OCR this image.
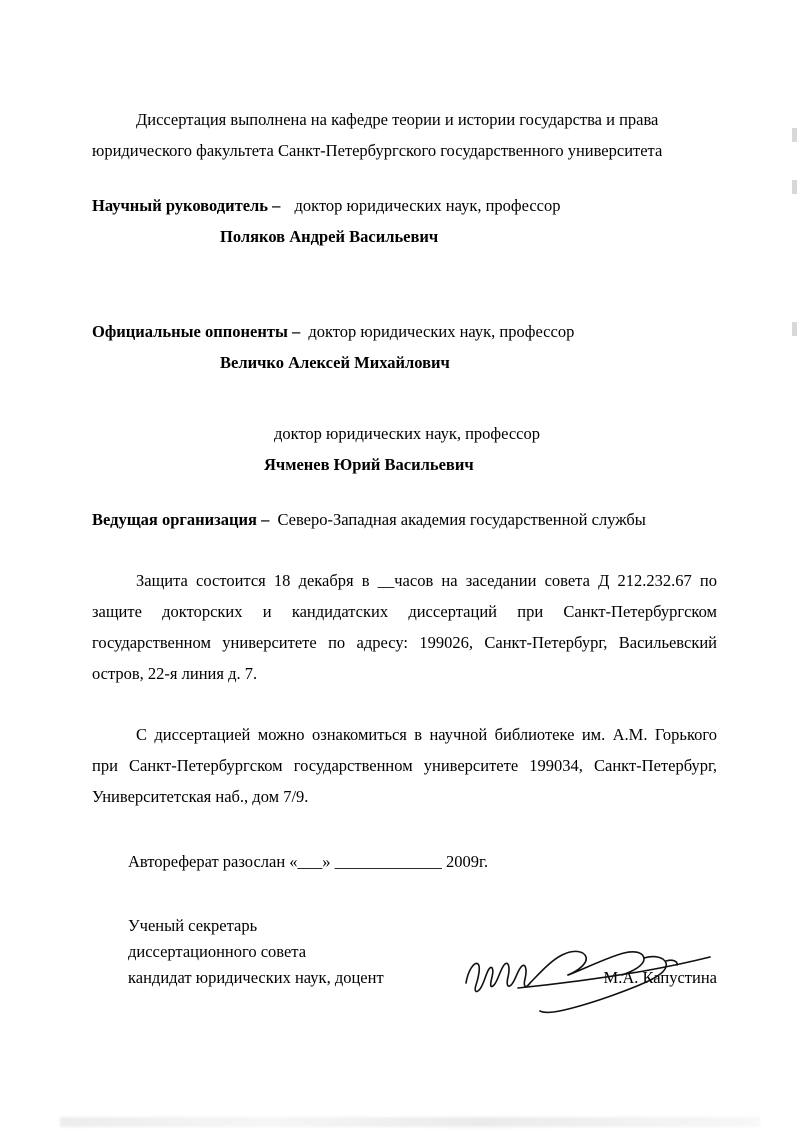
Диссертация выполнена на кафедре теории и истории государства и права
юридического факультета Санкт-Петербургского государственного университета
Научный руководитель – доктор юридических наук, профессор
Поляков Андрей Васильевич
Официальные оппоненты – доктор юридических наук, профессор
Величко Алексей Михайлович
доктор юридических наук, профессор
Ячменев Юрий Васильевич
Ведущая организация – Северо-Западная академия государственной службы

Защита состоится 18 декабря в __часов на заседании совета Д 212.232.67 по защите докторских и кандидатских диссертаций при Санкт-Петербургском государственном университете по адресу: 199026, Санкт-Петербург, Васильевский остров, 22-я линия д. 7.

С диссертацией можно ознакомиться в научной библиотеке им. А.М. Горького при Санкт-Петербургском государственном университете 199034, Санкт-Петербург, Университетская наб., дом 7/9.

Автореферат разослан «___» _____________ 2009г.
Ученый секретарь
диссертационного совета
кандидат юридических наук, доцент	М.А. Капустина
